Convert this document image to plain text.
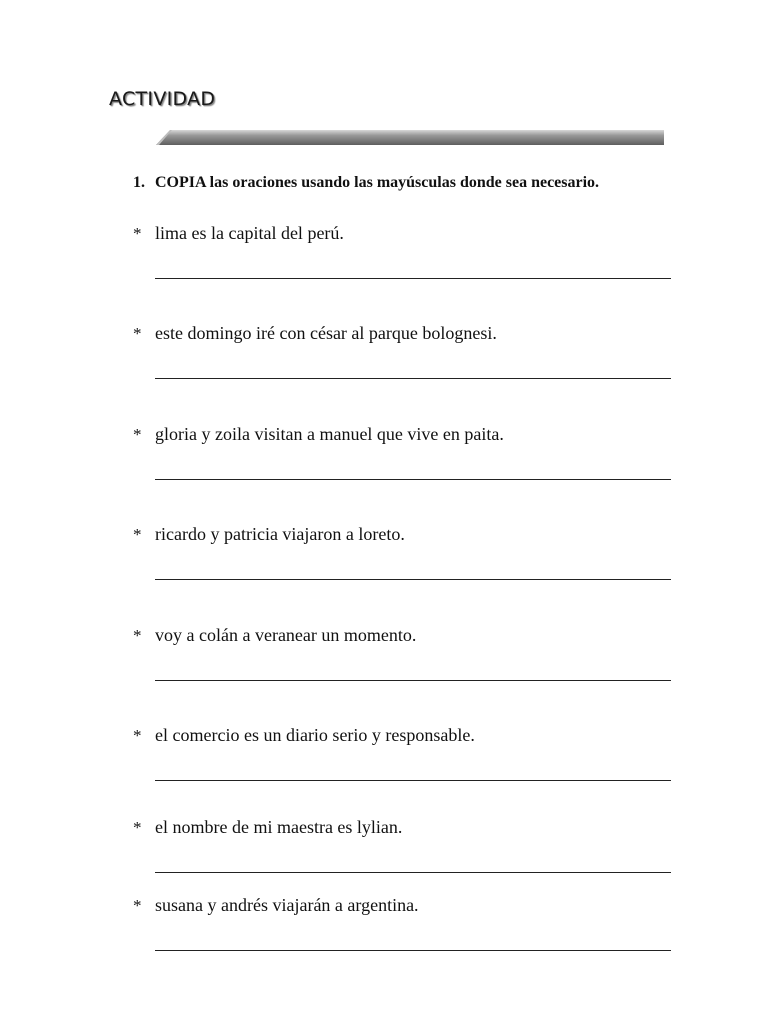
ACTIVIDAD

1. COPIA las oraciones usando las mayúsculas donde sea necesario.

* lima es la capital del perú.
* este domingo iré con césar al parque bolognesi.
* gloria y zoila visitan a manuel que vive en paita.
* ricardo y patricia viajaron a loreto.
* voy a colán a veranear un momento.
* el comercio es un diario serio y responsable.
* el nombre de mi maestra es lylian.
* susana y andrés viajarán a argentina.
